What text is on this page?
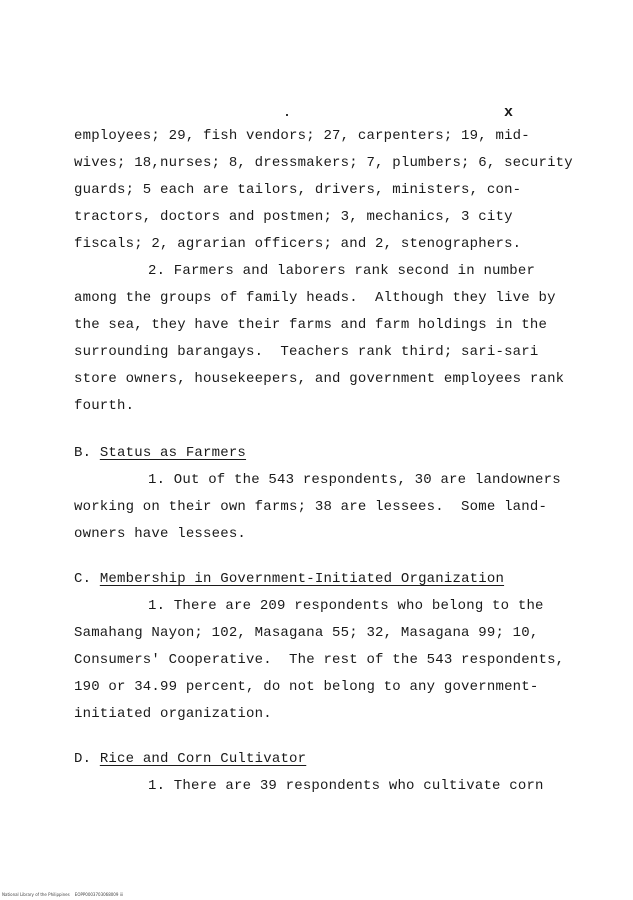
x
employees; 29, fish vendors; 27, carpenters; 19, mid-
wives; 18,nurses; 8, dressmakers; 7, plumbers; 6, security
guards; 5 each are tailors, drivers, ministers, con-
tractors, doctors and postmen; 3, mechanics, 3 city
fiscals; 2, agrarian officers; and 2, stenographers.
2. Farmers and laborers rank second in number
among the groups of family heads.  Although they live by
the sea, they have their farms and farm holdings in the
surrounding barangays.  Teachers rank third; sari-sari
store owners, housekeepers, and government employees rank
fourth.
B. Status as Farmers
1. Out of the 543 respondents, 30 are landowners
working on their own farms; 38 are lessees.  Some land-
owners have lessees.
C. Membership in Government-Initiated Organization
1. There are 209 respondents who belong to the
Samahang Nayon; 102, Masagana 55; 32, Masagana 99; 10,
Consumers' Cooperative.  The rest of the 543 respondents,
190 or 34.99 percent, do not belong to any government-
initiated organization.
D. Rice and Corn Cultivator
1. There are 39 respondents who cultivate corn
National Library of the Philippines    EOPP0003703068009 iii
